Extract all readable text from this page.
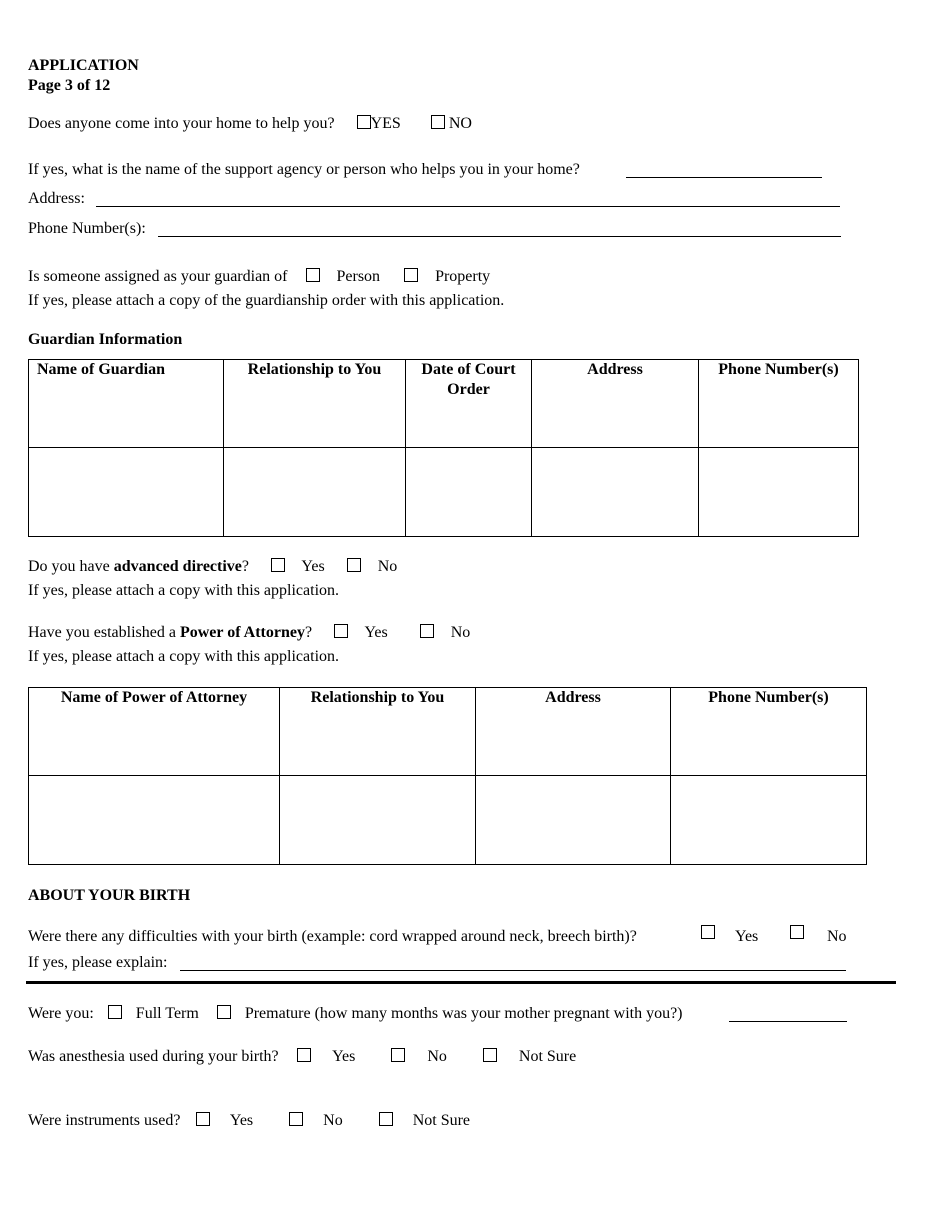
APPLICATION
Page 3 of 12
Does anyone come into your home to help you? YES	NO
If yes, what is the name of the support agency or person who helps you in your home?
Address:
Phone Number(s):
Is someone assigned as your guardian of	Person	Property
If yes, please attach a copy of the guardianship order with this application.
Guardian Information
Name of Guardian	Relationship to You	Date of Court Order	Address	Phone Number(s)

Do you have advanced directive?	Yes	No
If yes, please attach a copy with this application.
Have you established a Power of Attorney?	Yes	No
If yes, please attach a copy with this application.
Name of Power of Attorney	Relationship to You	Address	Phone Number(s)

ABOUT YOUR BIRTH
Were there any difficulties with your birth (example: cord wrapped around neck, breech birth)?	Yes	No
If yes, please explain:
Were you:	Full Term	Premature (how many months was your mother pregnant with you?)
Was anesthesia used during your birth?	Yes	No	Not Sure
Were instruments used?	Yes	No	Not Sure
